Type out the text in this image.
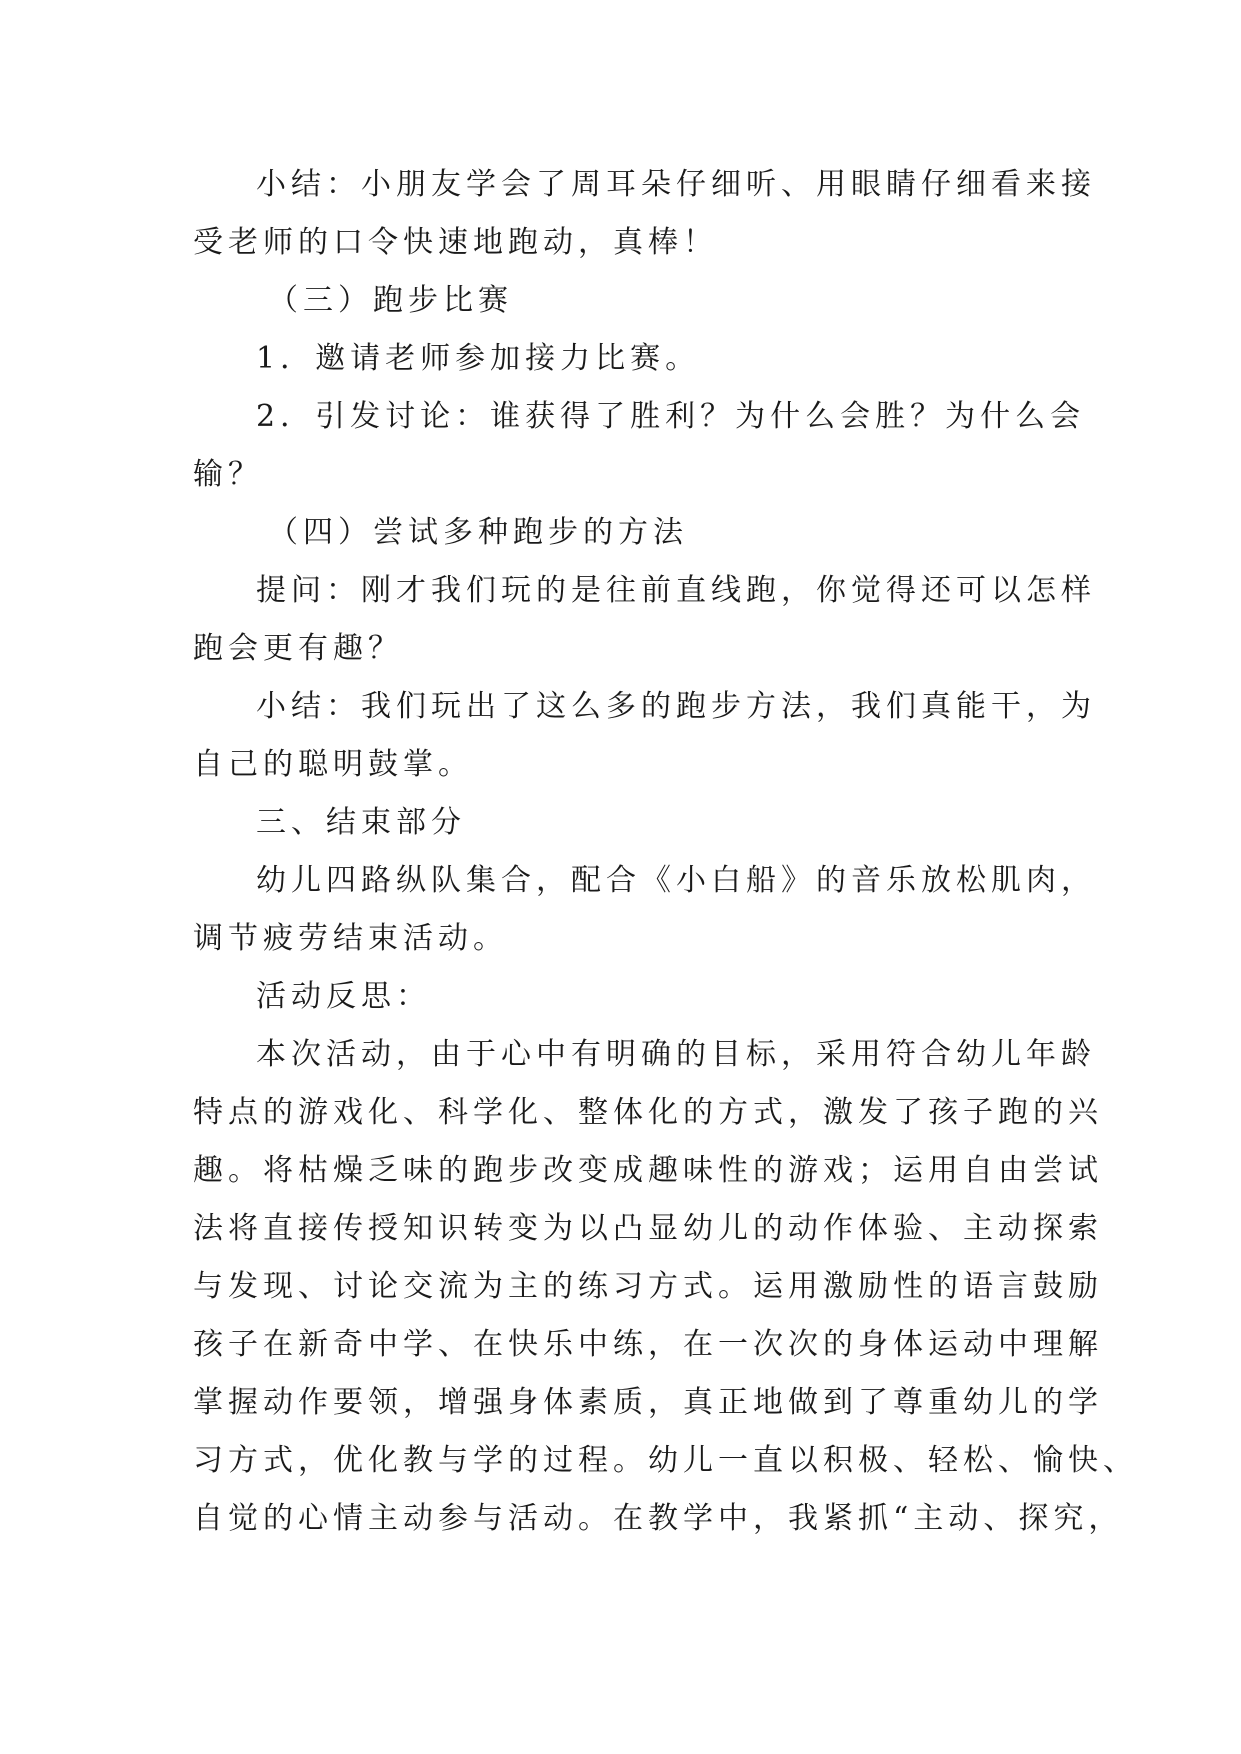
小结：小朋友学会了周耳朵仔细听、用眼睛仔细看来接

受老师的口令快速地跑动，真棒！

（三）跑步比赛

1．邀请老师参加接力比赛。

2．引发讨论：谁获得了胜利？为什么会胜？为什么会

输？

（四）尝试多种跑步的方法

提问：刚才我们玩的是往前直线跑，你觉得还可以怎样

跑会更有趣？

小结：我们玩出了这么多的跑步方法，我们真能干，为

自己的聪明鼓掌。

三、结束部分

幼儿四路纵队集合，配合《小白船》的音乐放松肌肉，

调节疲劳结束活动。

活动反思：

本次活动，由于心中有明确的目标，采用符合幼儿年龄

特点的游戏化、科学化、整体化的方式，激发了孩子跑的兴

趣。将枯燥乏味的跑步改变成趣味性的游戏；运用自由尝试

法将直接传授知识转变为以凸显幼儿的动作体验、主动探索

与发现、讨论交流为主的练习方式。运用激励性的语言鼓励

孩子在新奇中学、在快乐中练，在一次次的身体运动中理解

掌握动作要领，增强身体素质，真正地做到了尊重幼儿的学

习方式，优化教与学的过程。幼儿一直以积极、轻松、愉快、

自觉的心情主动参与活动。在教学中，我紧抓“主动、探究，
